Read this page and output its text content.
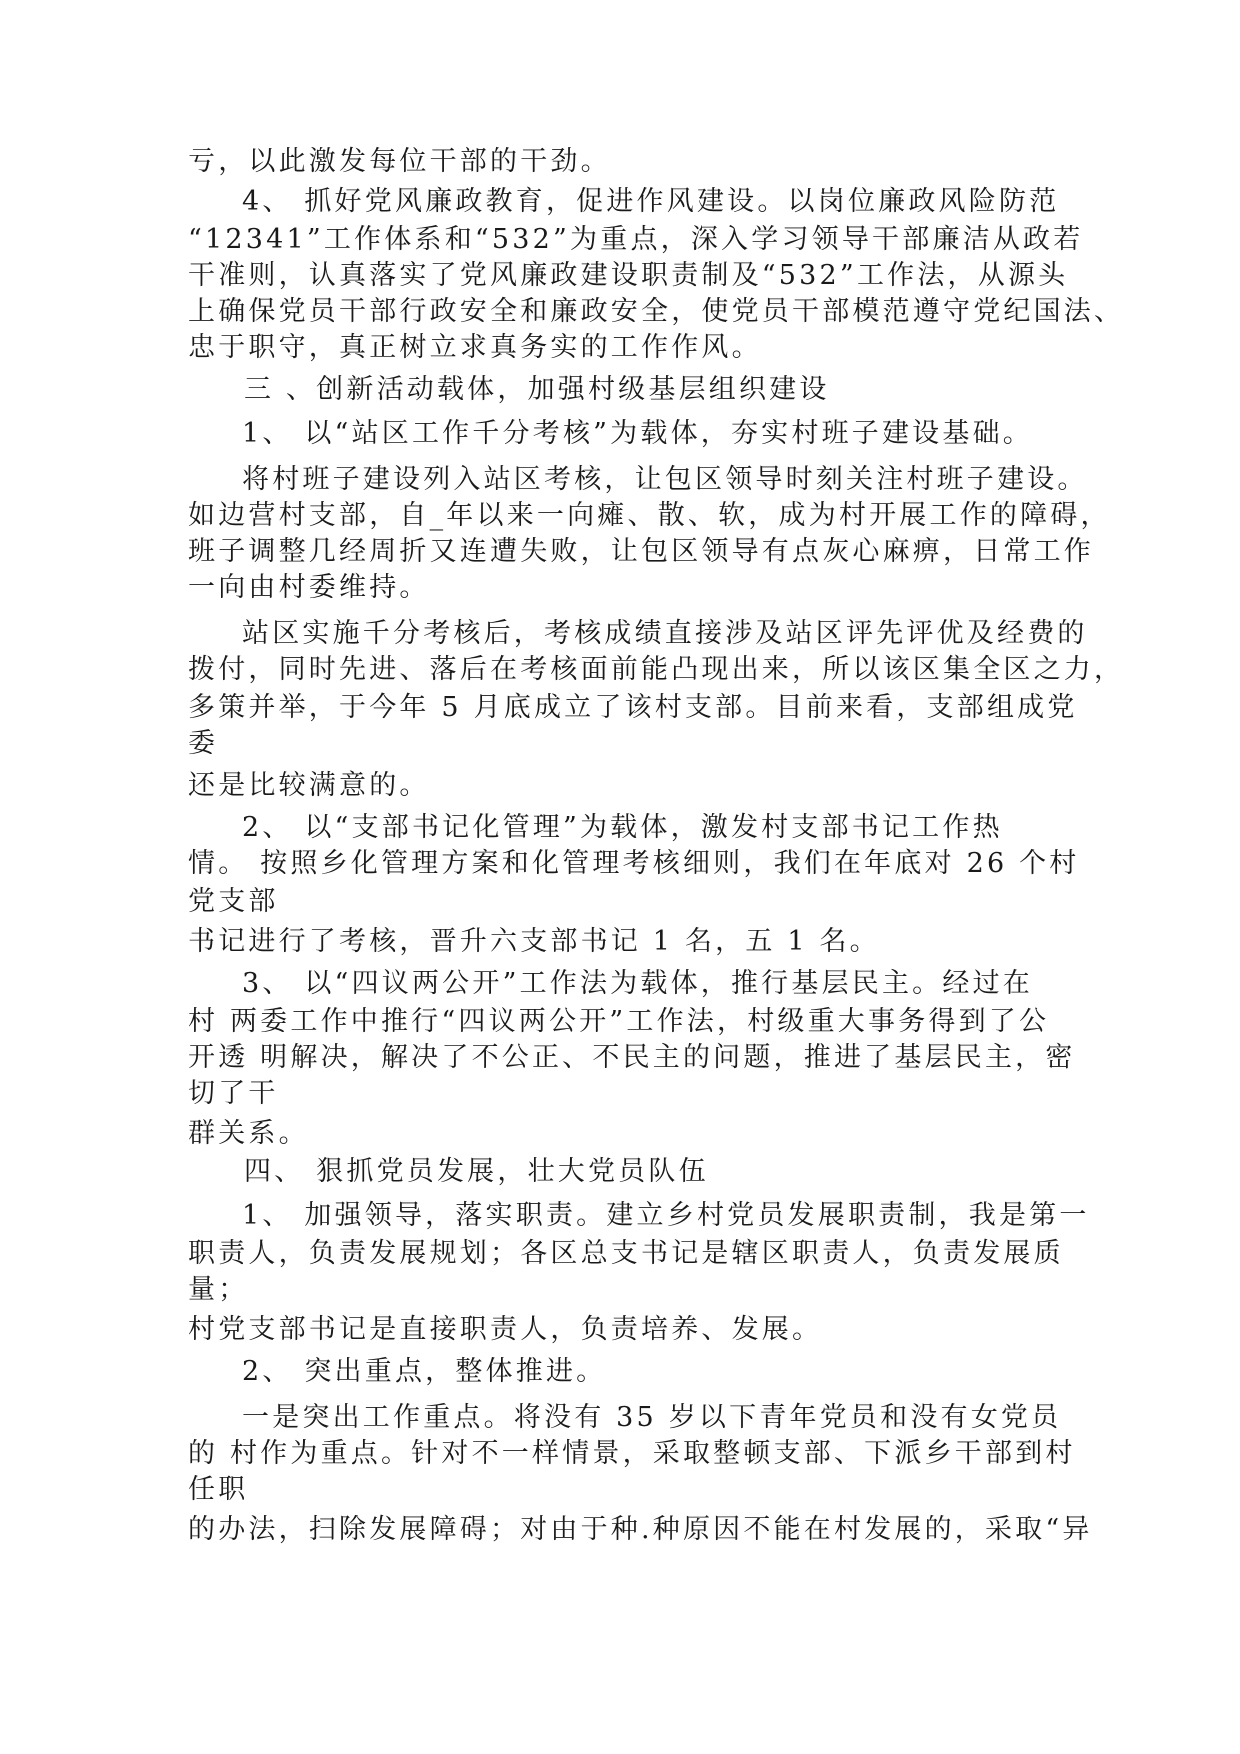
亏，以此激发每位干部的干劲。
4、 抓好党风廉政教育，促进作风建设。以岗位廉政风险防范
“12341”工作体系和“532”为重点，深入学习领导干部廉洁从政若
干准则，认真落实了党风廉政建设职责制及“532”工作法，从源头
上确保党员干部行政安全和廉政安全，使党员干部模范遵守党纪国法、
忠于职守，真正树立求真务实的工作作风。
三 、创新活动载体，加强村级基层组织建设
1、 以“站区工作千分考核”为载体，夯实村班子建设基础。
将村班子建设列入站区考核，让包区领导时刻关注村班子建设。
如边营村支部，自_年以来一向瘫、散、软，成为村开展工作的障碍，
班子调整几经周折又连遭失败，让包区领导有点灰心麻痹，日常工作
一向由村委维持。
站区实施千分考核后，考核成绩直接涉及站区评先评优及经费的
拨付，同时先进、落后在考核面前能凸现出来，所以该区集全区之力，
多策并举，于今年 5 月底成立了该村支部。目前来看，支部组成党
委
还是比较满意的。
2、 以“支部书记化管理”为载体，激发村支部书记工作热
情。 按照乡化管理方案和化管理考核细则，我们在年底对 26 个村
党支部
书记进行了考核，晋升六支部书记 1 名，五 1 名。
3、 以“四议两公开”工作法为载体，推行基层民主。经过在
村 两委工作中推行“四议两公开”工作法，村级重大事务得到了公
开透 明解决，解决了不公正、不民主的问题，推进了基层民主，密
切了干
群关系。
四、 狠抓党员发展，壮大党员队伍
1、 加强领导，落实职责。建立乡村党员发展职责制，我是第一
职责人，负责发展规划；各区总支书记是辖区职责人，负责发展质
量；
村党支部书记是直接职责人，负责培养、发展。
2、 突出重点，整体推进。
一是突出工作重点。将没有 35 岁以下青年党员和没有女党员
的 村作为重点。针对不一样情景，采取整顿支部、下派乡干部到村
任职
的办法，扫除发展障碍；对由于种.种原因不能在村发展的，采取“异
